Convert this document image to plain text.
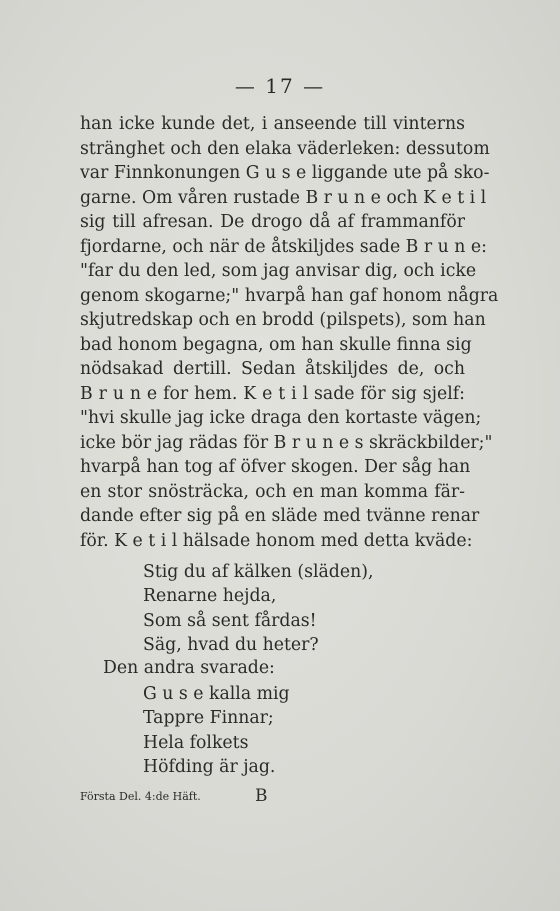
— 17 —
han icke kunde det, i anseende till vinterns
stränghet och den elaka väderleken: dessutom
var Finnkonungen G u s e liggande ute på sko-
garne. Om våren rustade B r u n e och K e t i l
sig till afresan. De drogo då af frammanför
fjordarne, och när de åtskiljdes sade B r u n e:
"far du den led, som jag anvisar dig, och icke
genom skogarne;" hvarpå han gaf honom några
skjutredskap och en brodd (pilspets), som han
bad honom begagna, om han skulle finna sig
nödsakad dertill. Sedan åtskiljdes de, och
B r u n e for hem. K e t i l sade för sig sjelf:
"hvi skulle jag icke draga den kortaste vägen;
icke bör jag rädas för B r u n e s skräckbilder;"
hvarpå han tog af öfver skogen. Der såg han
en stor snösträcka, och en man komma fär-
dande efter sig på en släde med tvänne renar
för. K e t i l hälsade honom med detta kväde:
Stig du af kälken (släden),
Renarne hejda,
Som så sent fårdas!
Säg, hvad du heter?
Den andra svarade:
G u s e kalla mig
Tappre Finnar;
Hela folkets
Höfding är jag.
Första Del. 4:de Häft.	B
